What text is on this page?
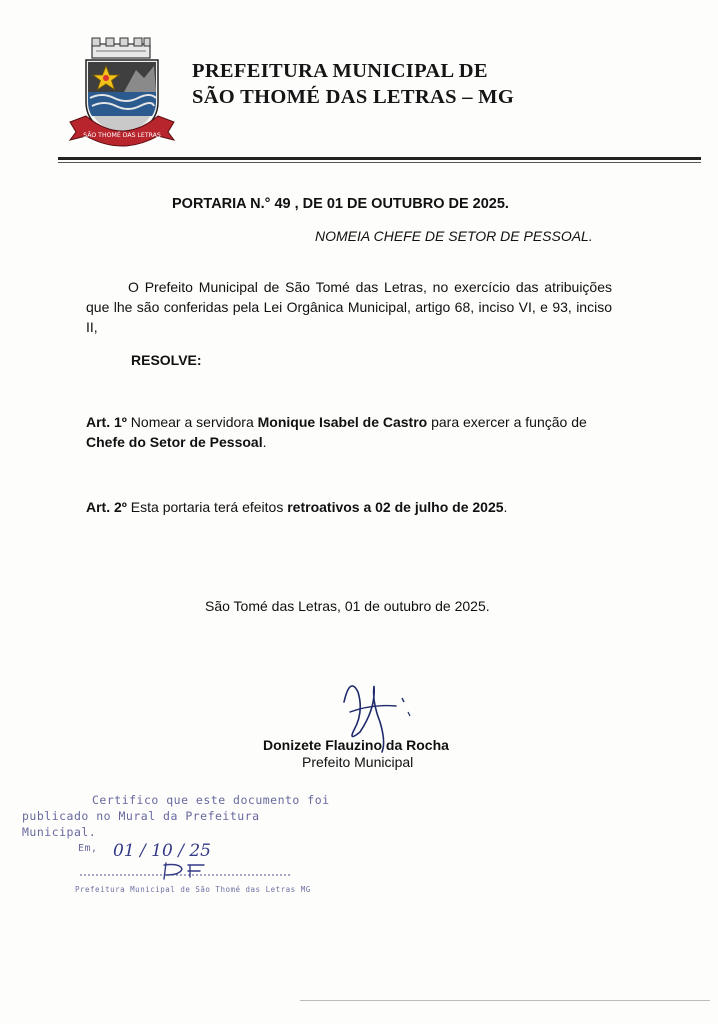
SÃO THOMÉ DAS LETRAS
PREFEITURA MUNICIPAL DE
SÃO THOMÉ DAS LETRAS – MG
PORTARIA N.° 49 , DE 01 DE OUTUBRO DE 2025.
NOMEIA CHEFE DE SETOR DE PESSOAL.
O Prefeito Municipal de São Tomé das Letras, no exercício das atribuições que lhe são conferidas pela Lei Orgânica Municipal, artigo 68, inciso VI, e 93, inciso II,
RESOLVE:
Art. 1º Nomear a servidora Monique Isabel de Castro para exercer a função de Chefe do Setor de Pessoal.
Art. 2º Esta portaria terá efeitos retroativos a 02 de julho de 2025.
São Tomé das Letras, 01 de outubro de 2025.
Donizete Flauzino da Rocha
Prefeito Municipal
Certifico que este documento foi
publicado no Mural da Prefeitura
Municipal.
Em, 01 / 10 / 25
Prefeitura Municipal de São Thomé das Letras MG
